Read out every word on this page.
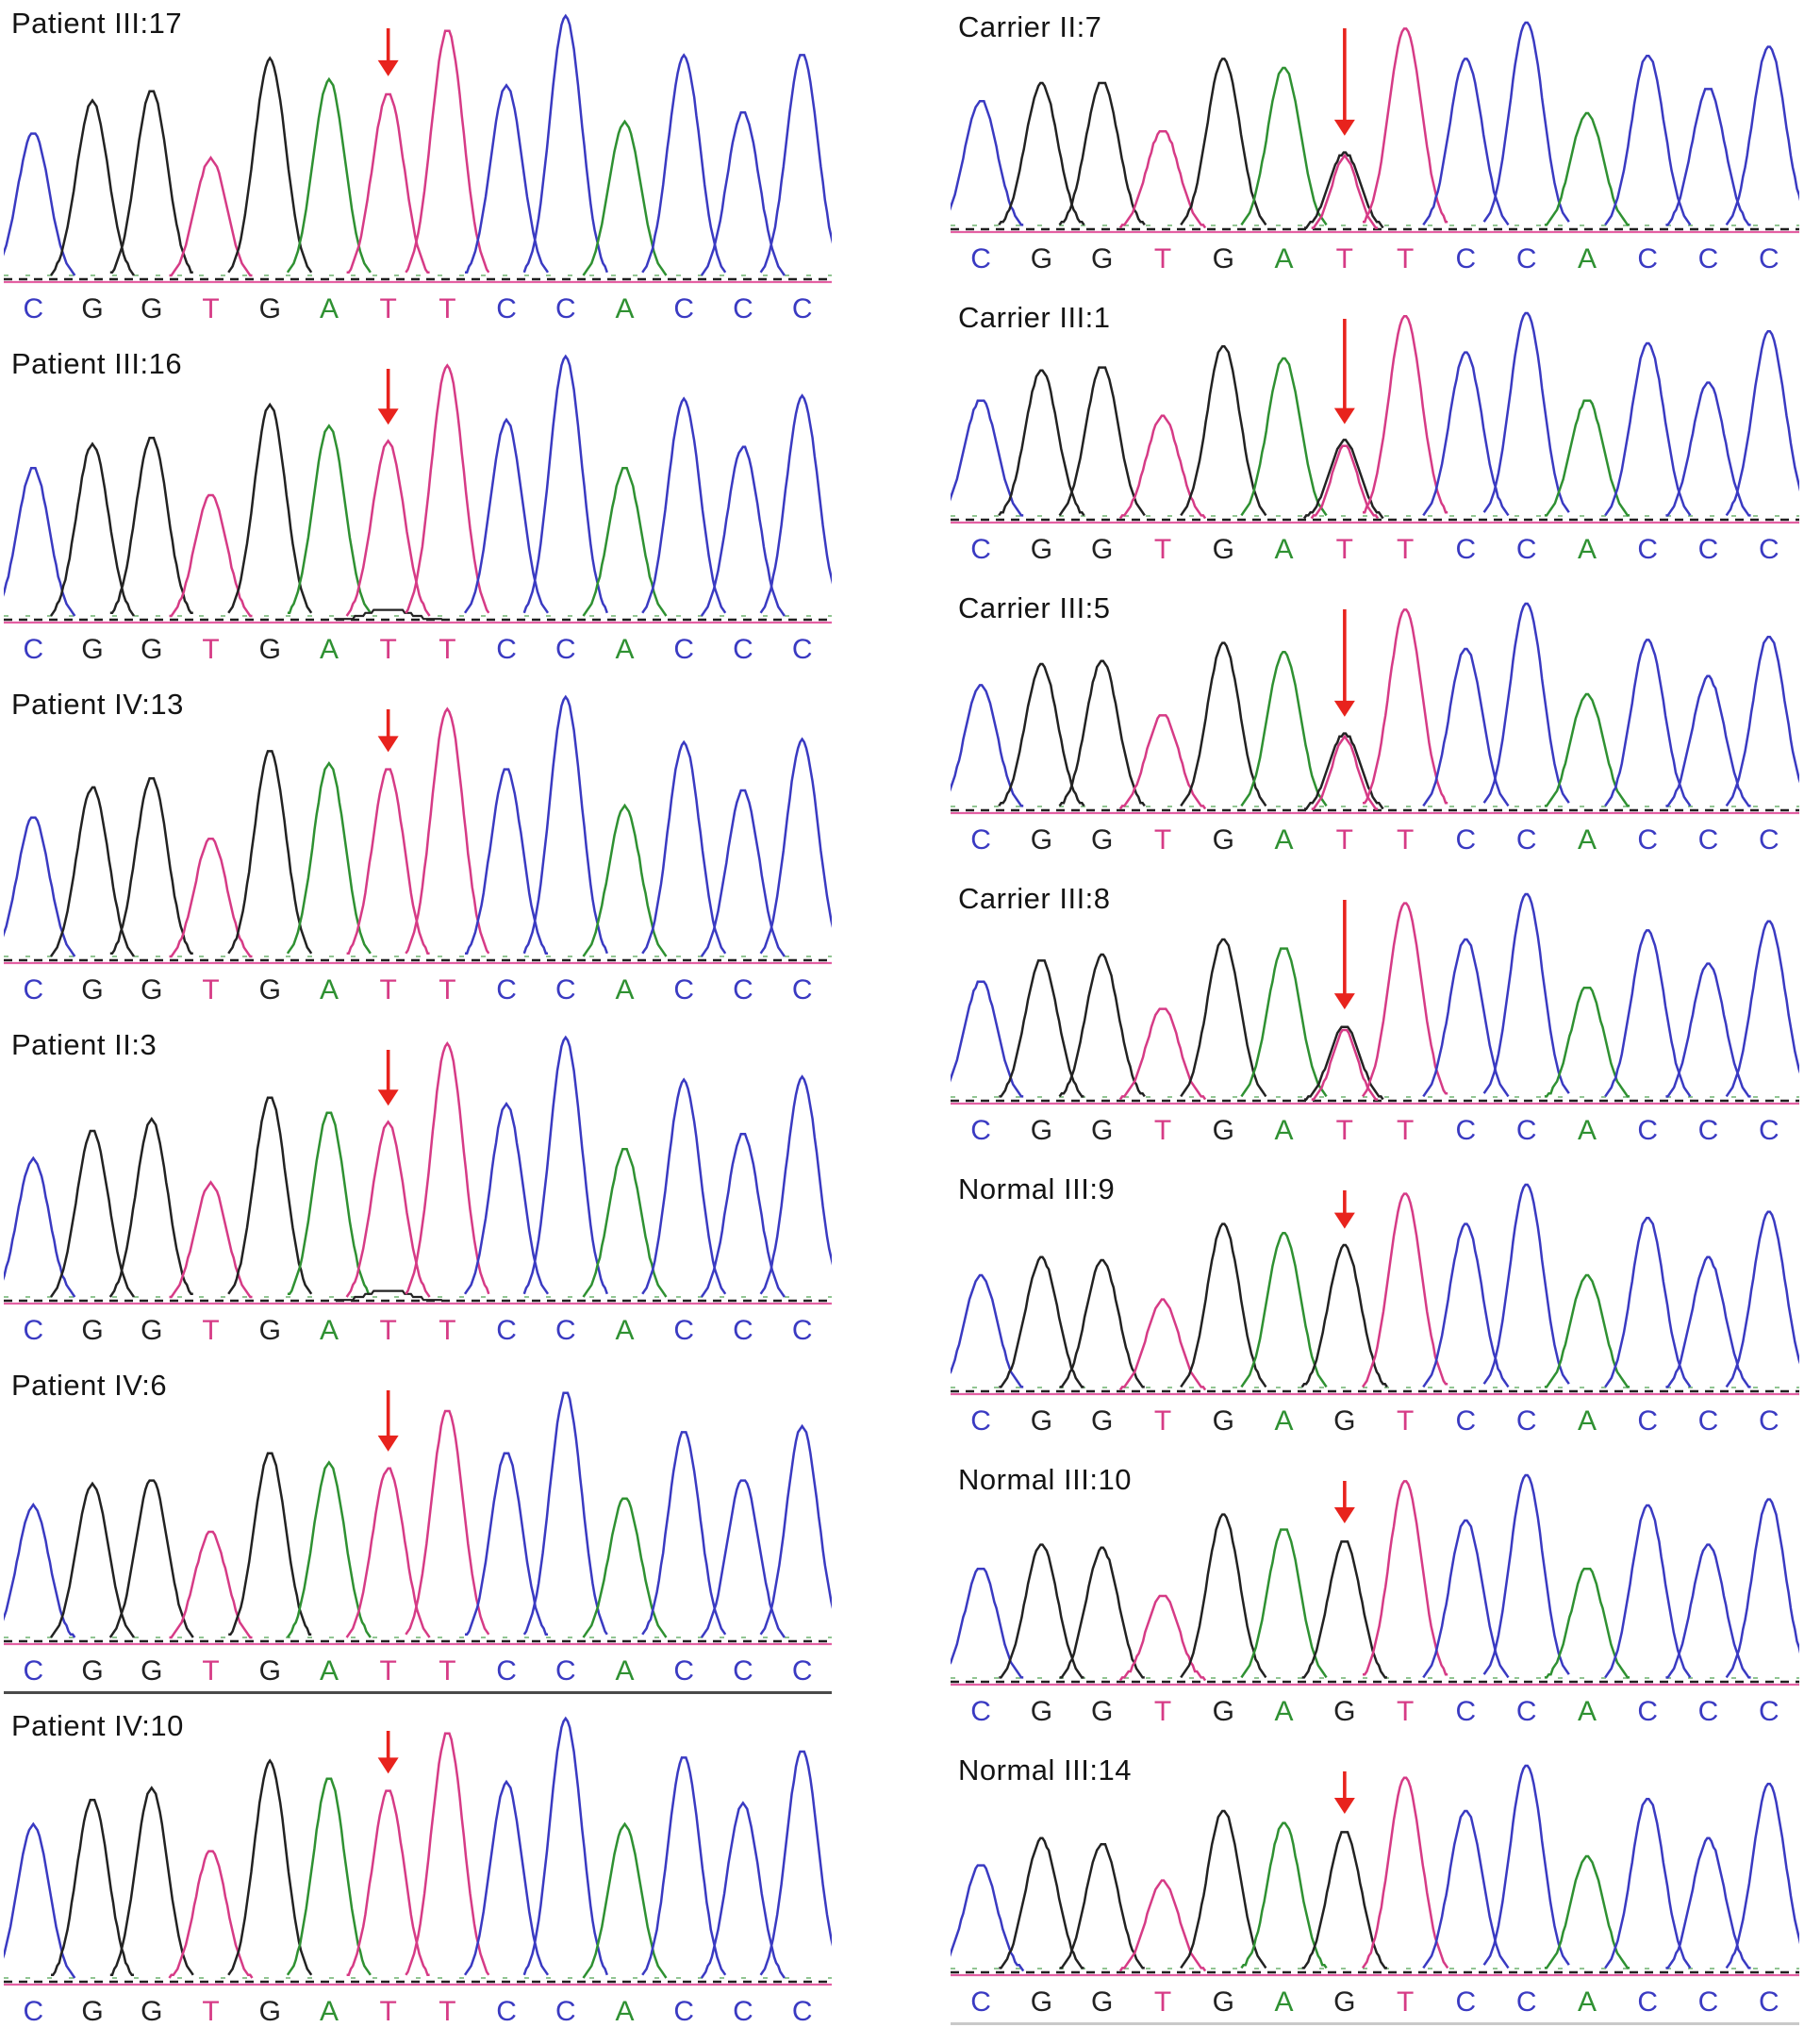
Patient III:17
C	G	G	T	G	A	T	T	C	C	A	C	C	C
Patient III:16
C	G	G	T	G	A	T	T	C	C	A	C	C	C
Patient IV:13
C	G	G	T	G	A	T	T	C	C	A	C	C	C
Patient II:3
C	G	G	T	G	A	T	T	C	C	A	C	C	C
Patient IV:6
C	G	G	T	G	A	T	T	C	C	A	C	C	C
Patient IV:10
C	G	G	T	G	A	T	T	C	C	A	C	C	C
Carrier II:7
C	G	G	T	G	A	T	T	C	C	A	C	C	C
Carrier III:1
C	G	G	T	G	A	T	T	C	C	A	C	C	C
Carrier III:5
C	G	G	T	G	A	T	T	C	C	A	C	C	C
Carrier III:8
C	G	G	T	G	A	T	T	C	C	A	C	C	C
Normal III:9
C	G	G	T	G	A	G	T	C	C	A	C	C	C
Normal III:10
C	G	G	T	G	A	G	T	C	C	A	C	C	C
Normal III:14
C	G	G	T	G	A	G	T	C	C	A	C	C	C
